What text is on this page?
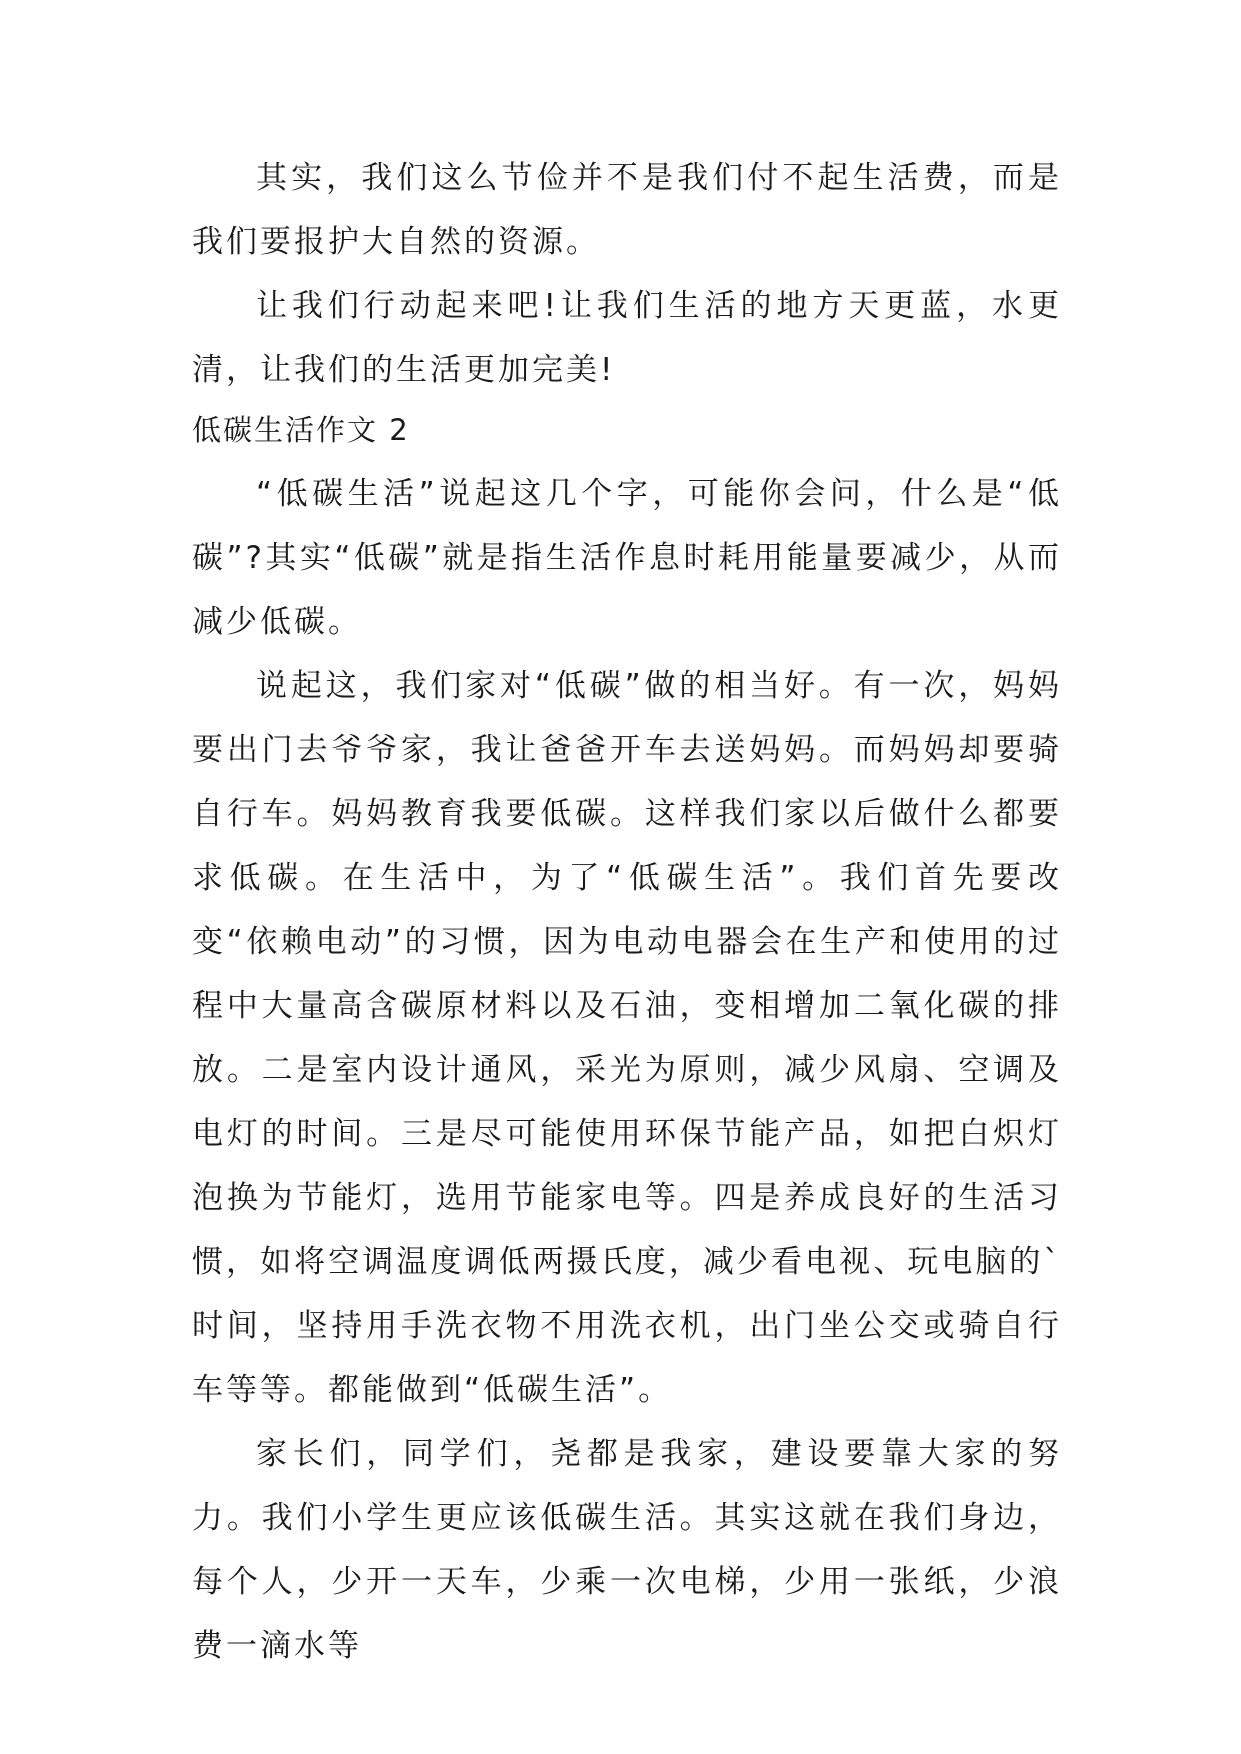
其实，我们这么节俭并不是我们付不起生活费，而是我们要报护大自然的资源。

让我们行动起来吧!让我们生活的地方天更蓝，水更清，让我们的生活更加完美!

低碳生活作文 2

“低碳生活”说起这几个字，可能你会问，什么是“低碳”?其实“低碳”就是指生活作息时耗用能量要减少，从而减少低碳。

说起这，我们家对“低碳”做的相当好。有一次，妈妈要出门去爷爷家，我让爸爸开车去送妈妈。而妈妈却要骑自行车。妈妈教育我要低碳。这样我们家以后做什么都要求低碳。在生活中，为了“低碳生活”。我们首先要改变“依赖电动”的习惯，因为电动电器会在生产和使用的过程中大量高含碳原材料以及石油，变相增加二氧化碳的排放。二是室内设计通风，采光为原则，减少风扇、空调及电灯的时间。三是尽可能使用环保节能产品，如把白炽灯泡换为节能灯，选用节能家电等。四是养成良好的生活习惯，如将空调温度调低两摄氏度，减少看电视、玩电脑的`时间，坚持用手洗衣物不用洗衣机，出门坐公交或骑自行车等等。都能做到“低碳生活”。

家长们，同学们，尧都是我家，建设要靠大家的努力。我们小学生更应该低碳生活。其实这就在我们身边，每个人，少开一天车，少乘一次电梯，少用一张纸，少浪费一滴水等
